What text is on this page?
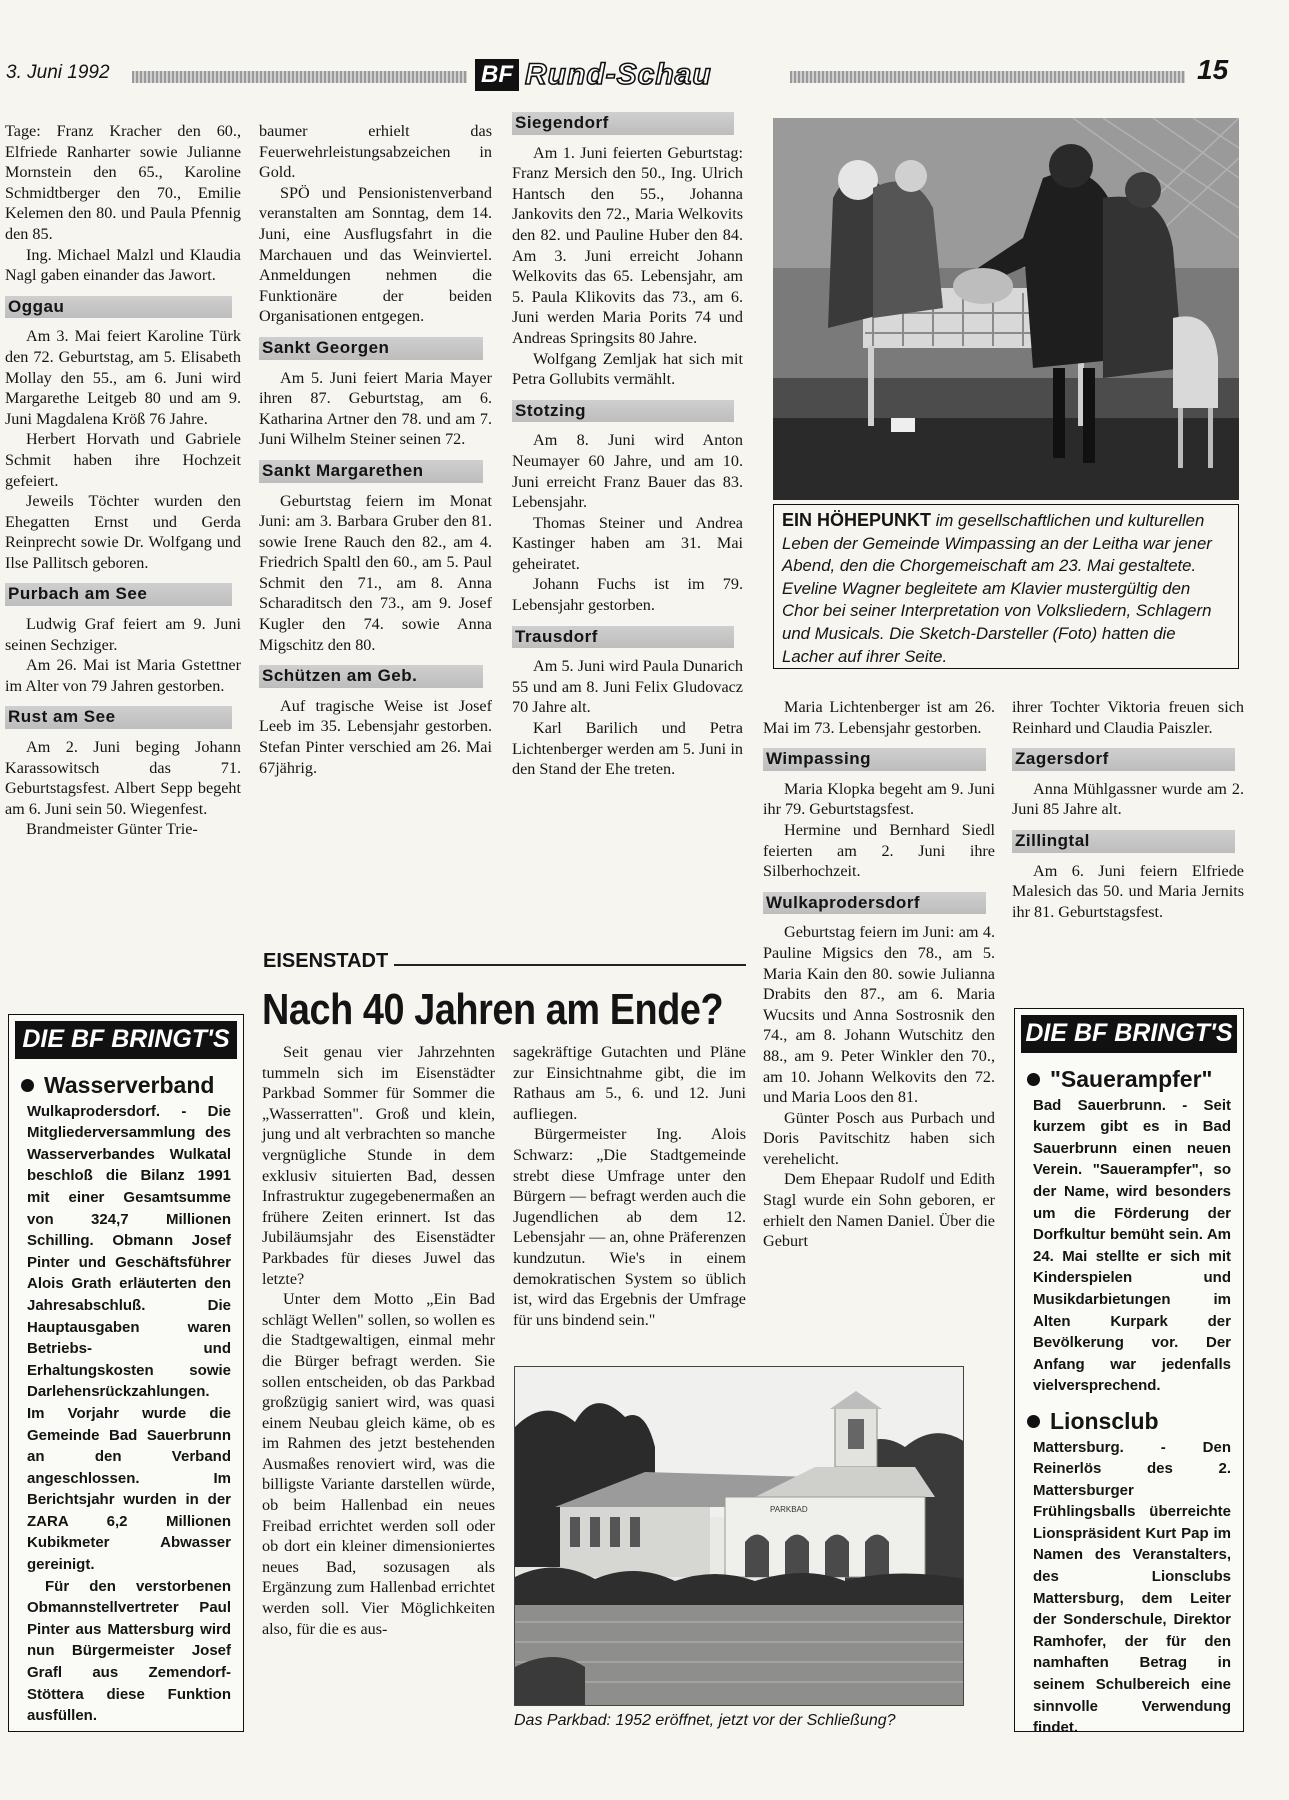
3. Juni 1992	BF Rund-Schau	15

Tage: Franz Kracher den 60., Elfriede Ranharter sowie Julianne Mornstein den 65., Karoline Schmidtberger den 70., Emilie Kelemen den 80. und Paula Pfennig den 85.

Ing. Michael Malzl und Klaudia Nagl gaben einander das Jawort.

Oggau

Am 3. Mai feiert Karoline Türk den 72. Geburtstag, am 5. Elisabeth Mollay den 55., am 6. Juni wird Margarethe Leitgeb 80 und am 9. Juni Magdalena Kröß 76 Jahre.

Herbert Horvath und Gabriele Schmit haben ihre Hochzeit gefeiert.

Jeweils Töchter wurden den Ehegatten Ernst und Gerda Reinprecht sowie Dr. Wolfgang und Ilse Pallitsch geboren.

Purbach am See

Ludwig Graf feiert am 9. Juni seinen Sechziger.

Am 26. Mai ist Maria Gstettner im Alter von 79 Jahren gestorben.

Rust am See

Am 2. Juni beging Johann Karassowitsch das 71. Geburtstagsfest. Albert Sepp begeht am 6. Juni sein 50. Wiegenfest.

Brandmeister Günter Trie-

baumer erhielt das Feuerwehrleistungsabzeichen in Gold.

SPÖ und Pensionistenverband veranstalten am Sonntag, dem 14. Juni, eine Ausflugsfahrt in die Marchauen und das Weinviertel. Anmeldungen nehmen die Funktionäre der beiden Organisationen entgegen.

Sankt Georgen

Am 5. Juni feiert Maria Mayer ihren 87. Geburtstag, am 6. Katharina Artner den 78. und am 7. Juni Wilhelm Steiner seinen 72.

Sankt Margarethen

Geburtstag feiern im Monat Juni: am 3. Barbara Gruber den 81. sowie Irene Rauch den 82., am 4. Friedrich Spaltl den 60., am 5. Paul Schmit den 71., am 8. Anna Scharaditsch den 73., am 9. Josef Kugler den 74. sowie Anna Migschitz den 80.

Schützen am Geb.

Auf tragische Weise ist Josef Leeb im 35. Lebensjahr gestorben. Stefan Pinter verschied am 26. Mai 67jährig.

Siegendorf

Am 1. Juni feierten Geburtstag: Franz Mersich den 50., Ing. Ulrich Hantsch den 55., Johanna Jankovits den 72., Maria Welkovits den 82. und Pauline Huber den 84. Am 3. Juni erreicht Johann Welkovits das 65. Lebensjahr, am 5. Paula Klikovits das 73., am 6. Juni werden Maria Porits 74 und Andreas Springsits 80 Jahre.

Wolfgang Zemljak hat sich mit Petra Gollubits vermählt.

Stotzing

Am 8. Juni wird Anton Neumayer 60 Jahre, und am 10. Juni erreicht Franz Bauer das 83. Lebensjahr.

Thomas Steiner und Andrea Kastinger haben am 31. Mai geheiratet.

Johann Fuchs ist im 79. Lebensjahr gestorben.

Trausdorf

Am 5. Juni wird Paula Dunarich 55 und am 8. Juni Felix Gludovacz 70 Jahre alt.

Karl Barilich und Petra Lichtenberger werden am 5. Juni in den Stand der Ehe treten.

EIN HÖHEPUNKT im gesellschaftlichen und kulturellen Leben der Gemeinde Wimpassing an der Leitha war jener Abend, den die Chorgemeischaft am 23. Mai gestaltete. Eveline Wagner begleitete am Klavier mustergültig den Chor bei seiner Interpretation von Volksliedern, Schlagern und Musicals. Die Sketch-Darsteller (Foto) hatten die Lacher auf ihrer Seite.

Maria Lichtenberger ist am 26. Mai im 73. Lebensjahr gestorben.

Wimpassing

Maria Klopka begeht am 9. Juni ihr 79. Geburtstagsfest.

Hermine und Bernhard Siedl feierten am 2. Juni ihre Silberhochzeit.

Wulkaprodersdorf

Geburtstag feiern im Juni: am 4. Pauline Migsics den 78., am 5. Maria Kain den 80. sowie Julianna Drabits den 87., am 6. Maria Wucsits und Anna Sostrosnik den 74., am 8. Johann Wutschitz den 88., am 9. Peter Winkler den 70., am 10. Johann Welkovits den 72. und Maria Loos den 81.

Günter Posch aus Purbach und Doris Pavitschitz haben sich verehelicht.

Dem Ehepaar Rudolf und Edith Stagl wurde ein Sohn geboren, er erhielt den Namen Daniel. Über die Geburt

ihrer Tochter Viktoria freuen sich Reinhard und Claudia Paiszler.

Zagersdorf

Anna Mühlgassner wurde am 2. Juni 85 Jahre alt.

Zillingtal

Am 6. Juni feiern Elfriede Malesich das 50. und Maria Jernits ihr 81. Geburtstagsfest.

EISENSTADT
Nach 40 Jahren am Ende?

Seit genau vier Jahrzehnten tummeln sich im Eisenstädter Parkbad Sommer für Sommer die „Wasserratten". Groß und klein, jung und alt verbrachten so manche vergnügliche Stunde in dem exklusiv situierten Bad, dessen Infrastruktur zugegebenermaßen an frühere Zeiten erinnert. Ist das Jubiläumsjahr des Eisenstädter Parkbades für dieses Juwel das letzte?

Unter dem Motto „Ein Bad schlägt Wellen" sollen, so wollen es die Stadtgewaltigen, einmal mehr die Bürger befragt werden. Sie sollen entscheiden, ob das Parkbad großzügig saniert wird, was quasi einem Neubau gleich käme, ob es im Rahmen des jetzt bestehenden Ausmaßes renoviert wird, was die billigste Variante darstellen würde, ob beim Hallenbad ein neues Freibad errichtet werden soll oder ob dort ein kleiner dimensioniertes neues Bad, sozusagen als Ergänzung zum Hallenbad errichtet werden soll. Vier Möglichkeiten also, für die es aus-

sagekräftige Gutachten und Pläne zur Einsichtnahme gibt, die im Rathaus am 5., 6. und 12. Juni aufliegen.

Bürgermeister Ing. Alois Schwarz: „Die Stadtgemeinde strebt diese Umfrage unter den Bürgern — befragt werden auch die Jugendlichen ab dem 12. Lebensjahr — an, ohne Präferenzen kundzutun. Wie's in einem demokratischen System so üblich ist, wird das Ergebnis der Umfrage für uns bindend sein."

PARKBAD
Das Parkbad: 1952 eröffnet, jetzt vor der Schließung?
DIE BF BRINGT'S
Wasserverband

Wulkaprodersdorf. - Die Mitgliederversammlung des Wasserverbandes Wulkatal beschloß die Bilanz 1991 mit einer Gesamtsumme von 324,7 Millionen Schilling. Obmann Josef Pinter und Geschäftsführer Alois Grath erläuterten den Jahresabschluß. Die Hauptausgaben waren Betriebs- und Erhaltungskosten sowie Darlehensrückzahlungen. Im Vorjahr wurde die Gemeinde Bad Sauerbrunn an den Verband angeschlossen. Im Berichtsjahr wurden in der ZARA 6,2 Millionen Kubikmeter Abwasser gereinigt.

Für den verstorbenen Obmannstellvertreter Paul Pinter aus Mattersburg wird nun Bürgermeister Josef Grafl aus Zemendorf-Stöttera diese Funktion ausfüllen.

DIE BF BRINGT'S
"Sauerampfer"

Bad Sauerbrunn. - Seit kurzem gibt es in Bad Sauerbrunn einen neuen Verein. "Sauerampfer", so der Name, wird besonders um die Förderung der Dorfkultur bemüht sein. Am 24. Mai stellte er sich mit Kinderspielen und Musikdarbietungen im Alten Kurpark der Bevölkerung vor. Der Anfang war jedenfalls vielversprechend.

Lionsclub

Mattersburg. - Den Reinerlös des 2. Mattersburger Frühlingsballs überreichte Lionspräsident Kurt Pap im Namen des Veranstalters, des Lionsclubs Mattersburg, dem Leiter der Sonderschule, Direktor Ramhofer, der für den namhaften Betrag in seinem Schulbereich eine sinnvolle Verwendung findet.
